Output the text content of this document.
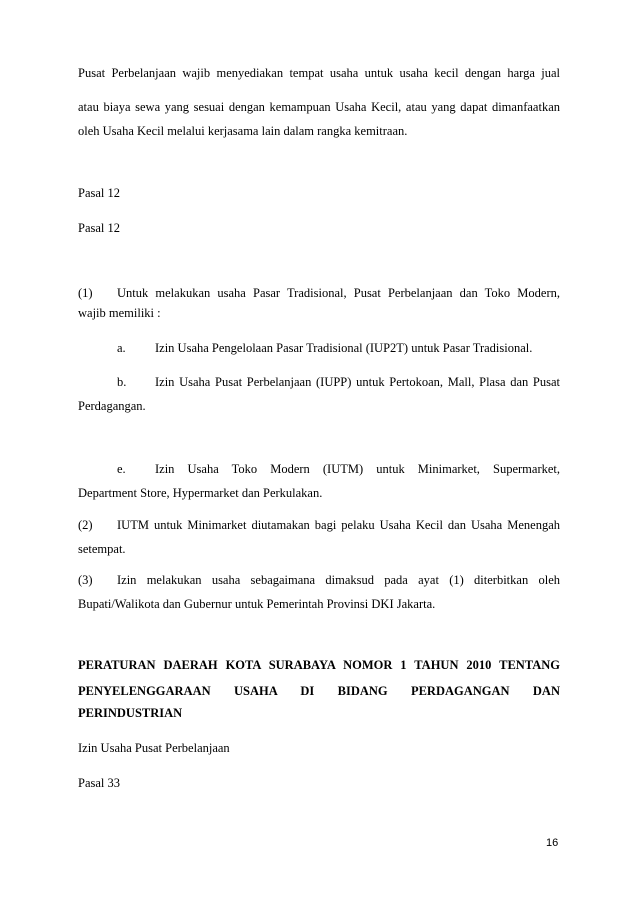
Pusat Perbelanjaan wajib menyediakan tempat usaha untuk usaha kecil dengan harga jual
atau biaya sewa yang sesuai dengan kemampuan Usaha Kecil, atau yang dapat dimanfaatkan
oleh Usaha Kecil melalui kerjasama lain dalam rangka kemitraan.
Pasal 12
Pasal 12
(1) Untuk melakukan usaha Pasar Tradisional, Pusat Perbelanjaan dan Toko Modern,
wajib memiliki :
a. Izin Usaha Pengelolaan Pasar Tradisional (IUP2T) untuk Pasar Tradisional.
b. Izin Usaha Pusat Perbelanjaan (IUPP) untuk Pertokoan, Mall, Plasa dan Pusat
Perdagangan.
e. Izin Usaha Toko Modern (IUTM) untuk Minimarket, Supermarket,
Department Store, Hypermarket dan Perkulakan.
(2) IUTM untuk Minimarket diutamakan bagi pelaku Usaha Kecil dan Usaha Menengah
setempat.
(3) Izin melakukan usaha sebagaimana dimaksud pada ayat (1) diterbitkan oleh
Bupati/Walikota dan Gubernur untuk Pemerintah Provinsi DKI Jakarta.
PERATURAN DAERAH KOTA SURABAYA NOMOR 1 TAHUN 2010 TENTANG
PENYELENGGARAAN USAHA DI BIDANG PERDAGANGAN DAN
PERINDUSTRIAN
Izin Usaha Pusat Perbelanjaan
Pasal 33
16
